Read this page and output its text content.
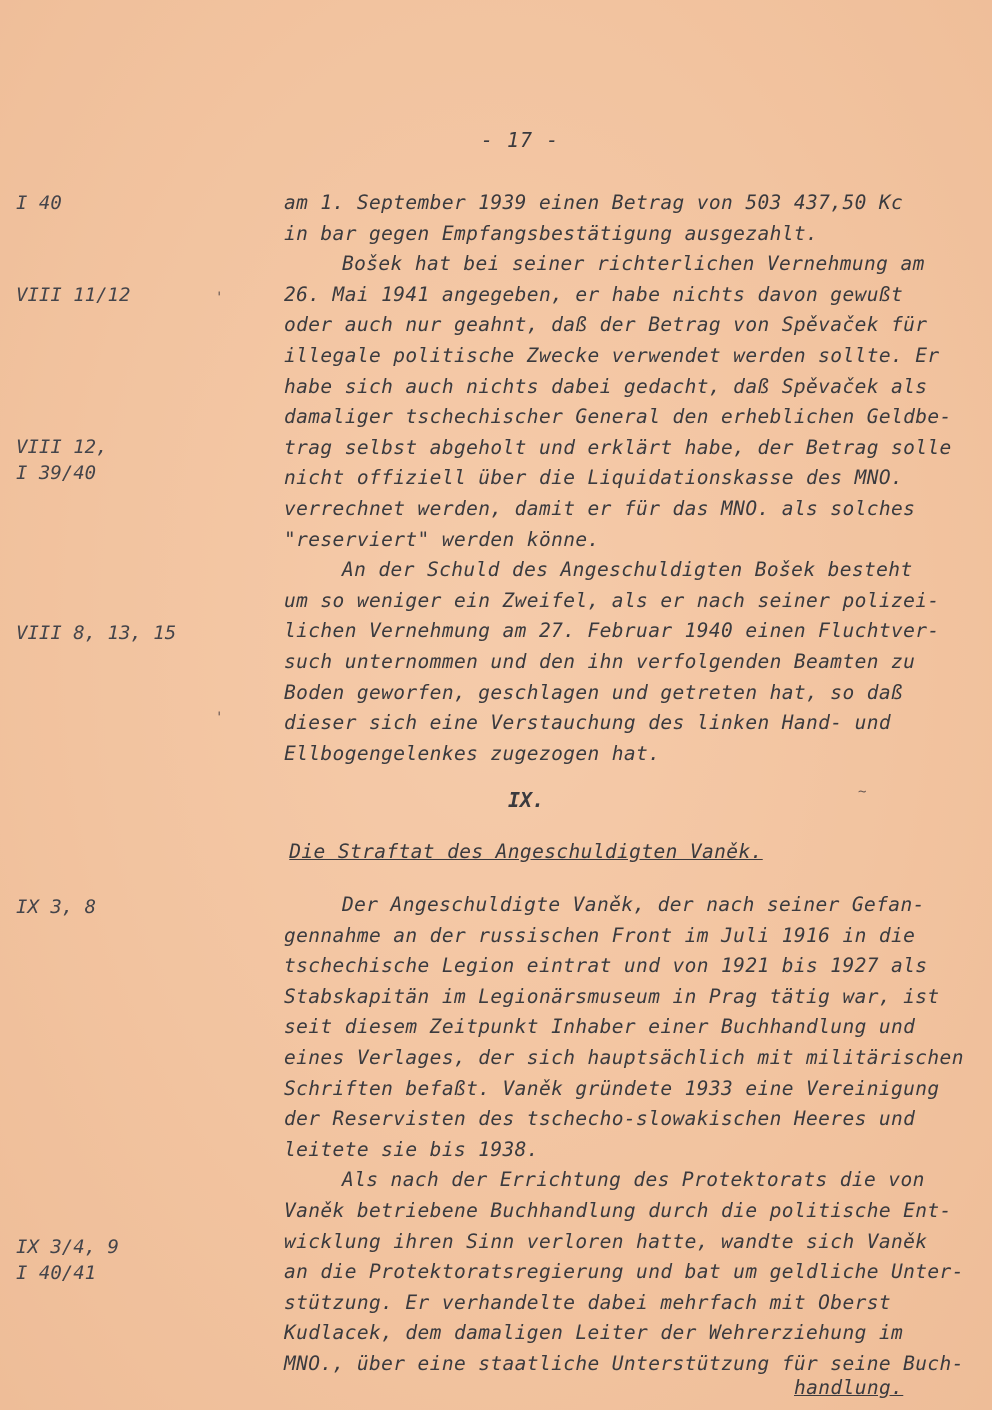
- 17 -
I 40
VIII 11/12
VIII 12,
I 39/40
VIII 8, 13, 15
IX 3, 8
IX 3/4, 9
I 40/41
am 1. September 1939 einen Betrag von 503 437,50 Kc
in bar gegen Empfangsbestätigung ausgezahlt.
Bošek hat bei seiner richterlichen Vernehmung am
26. Mai 1941 angegeben, er habe nichts davon gewußt
oder auch nur geahnt, daß der Betrag von Spěvaček für
illegale politische Zwecke verwendet werden sollte. Er
habe sich auch nichts dabei gedacht, daß Spěvaček als
damaliger tschechischer General den erheblichen Geldbe-
trag selbst abgeholt und erklärt habe, der Betrag solle
nicht offiziell über die Liquidationskasse des MNO.
verrechnet werden, damit er für das MNO. als solches
"reserviert" werden könne.
An der Schuld des Angeschuldigten Bošek besteht
um so weniger ein Zweifel, als er nach seiner polizei-
lichen Vernehmung am 27. Februar 1940 einen Fluchtver-
such unternommen und den ihn verfolgenden Beamten zu
Boden geworfen, geschlagen und getreten hat, so daß
dieser sich eine Verstauchung des linken Hand- und
Ellbogengelenkes zugezogen hat.
IX.
Die Straftat des Angeschuldigten Vaněk.
Der Angeschuldigte Vaněk, der nach seiner Gefan-
gennahme an der russischen Front im Juli 1916 in die
tschechische Legion eintrat und von 1921 bis 1927 als
Stabskapitän im Legionärsmuseum in Prag tätig war, ist
seit diesem Zeitpunkt Inhaber einer Buchhandlung und
eines Verlages, der sich hauptsächlich mit militärischen
Schriften befaßt. Vaněk gründete 1933 eine Vereinigung
der Reservisten des tschecho-slowakischen Heeres und
leitete sie bis 1938.
Als nach der Errichtung des Protektorats die von
Vaněk betriebene Buchhandlung durch die politische Ent-
wicklung ihren Sinn verloren hatte, wandte sich Vaněk
an die Protektoratsregierung und bat um geldliche Unter-
stützung. Er verhandelte dabei mehrfach mit Oberst
Kudlacek, dem damaligen Leiter der Wehrerziehung im
MNO., über eine staatliche Unterstützung für seine Buch-
handlung.
'
'
~
